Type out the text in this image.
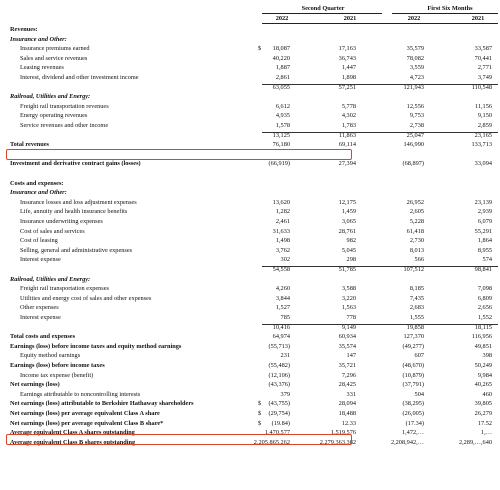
Second Quarter	First Six Months
2022	2021	2022	2021
Revenues:
Insurance and Other:
Insurance premiums earned	$	18,087	17,163	35,579	33,587
Sales and service revenues	40,220	36,743	78,082	70,441
Leasing revenues	1,887	1,447	3,559	2,771
Interest, dividend and other investment income	2,861	1,898	4,723	3,749
63,055	57,251	121,943	110,548
Railroad, Utilities and Energy:
Freight rail transportation revenues	6,612	5,778	12,556	11,156
Energy operating revenues	4,935	4,302	9,753	9,150
Service revenues and other income	1,578	1,783	2,738	2,859
13,125	11,863	25,047	23,165
Total revenues	76,180	69,114	146,990	133,713
Investment and derivative contract gains (losses)	(66,919)	27,394	(68,897)	33,094
Costs and expenses:
Insurance and Other:
Insurance losses and loss adjustment expenses	13,620	12,175	26,952	23,139
Life, annuity and health insurance benefits	1,282	1,459	2,605	2,939
Insurance underwriting expenses	2,461	3,065	5,228	6,079
Cost of sales and services	31,633	28,761	61,418	55,291
Cost of leasing	1,498	982	2,730	1,864
Selling, general and administrative expenses	3,762	5,045	8,013	8,955
Interest expense	302	298	566	574
54,558	51,785	107,512	98,841
Railroad, Utilities and Energy:
Freight rail transportation expenses	4,260	3,588	8,185	7,098
Utilities and energy cost of sales and other expenses	3,844	3,220	7,435	6,809
Other expenses	1,527	1,563	2,683	2,656
Interest expense	785	778	1,555	1,552
10,416	9,149	19,858	18,115
Total costs and expenses	64,974	60,934	127,370	116,956
Earnings (loss) before income taxes and equity method earnings	(55,713)	35,574	(49,277)	49,851
Equity method earnings	231	147	607	398
Earnings (loss) before income taxes	(55,482)	35,721	(48,670)	50,249
Income tax expense (benefit)	(12,106)	7,296	(10,879)	9,984
Net earnings (loss)	(43,376)	28,425	(37,791)	40,265
Earnings attributable to noncontrolling interests	379	331	504	460
Net earnings (loss) attributable to Berkshire Hathaway shareholders	$	(43,755)	28,094	(38,295)	39,805
Net earnings (loss) per average equivalent Class A share	$	(29,754)	18,488	(26,005)	26,279
Net earnings (loss) per average equivalent Class B share*	$	(19.84)	12.33	(17.34)	17.52
Average equivalent Class A shares outstanding	1,470,577	1,519,576	1,472,…	1,…
Average equivalent Class B shares outstanding	2,205,865,262	2,279,363,382	2,208,942,…	2,289,…,640
